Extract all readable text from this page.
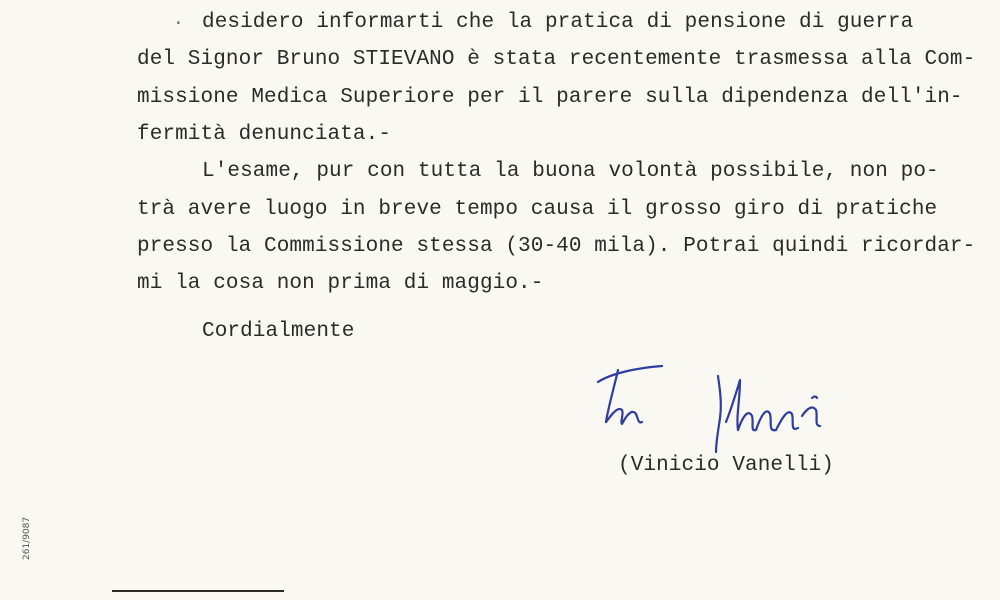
· desidero informarti che la pratica di pensione di guerra
del Signor Bruno STIEVANO è stata recentemente trasmessa alla Com-
missione Medica Superiore per il parere sulla dipendenza dell'in-
fermità denunciata.-
L'esame, pur con tutta la buona volontà possibile, non po-
trà avere luogo in breve tempo causa il grosso giro di pratiche
presso la Commissione stessa (30-40 mila). Potrai quindi ricordar-
mi la cosa non prima di maggio.-
Cordialmente
(Vinicio Vanelli)
261/9087
